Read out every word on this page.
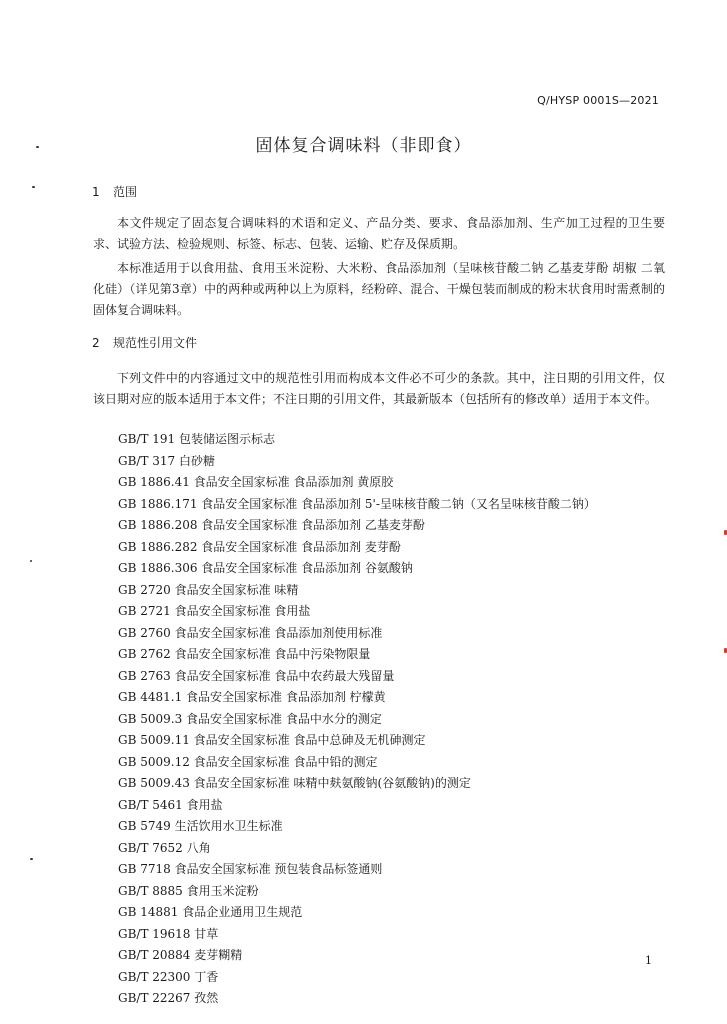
Q/HYSP 0001S—2021
固体复合调味料（非即食）
1 范围
本文件规定了固态复合调味料的术语和定义、产品分类、要求、食品添加剂、生产加工过程的卫生要求、试验方法、检验规则、标签、标志、包装、运输、贮存及保质期。
本标准适用于以食用盐、食用玉米淀粉、大米粉、食品添加剂（呈味核苷酸二钠 乙基麦芽酚 胡椒 二氧化硅）（详见第3章）中的两种或两种以上为原料，经粉碎、混合、干燥包装而制成的粉末状食用时需煮制的固体复合调味料。
2 规范性引用文件
下列文件中的内容通过文中的规范性引用而构成本文件必不可少的条款。其中，注日期的引用文件，仅该日期对应的版本适用于本文件；不注日期的引用文件，其最新版本（包括所有的修改单）适用于本文件。
GB/T 191 包装储运图示标志
GB/T 317 白砂糖
GB 1886.41 食品安全国家标准 食品添加剂 黄原胶
GB 1886.171 食品安全国家标准 食品添加剂 5'-呈味核苷酸二钠（又名呈味核苷酸二钠）
GB 1886.208 食品安全国家标准 食品添加剂 乙基麦芽酚
GB 1886.282 食品安全国家标准 食品添加剂 麦芽酚
GB 1886.306 食品安全国家标准 食品添加剂 谷氨酸钠
GB 2720 食品安全国家标准 味精
GB 2721 食品安全国家标准 食用盐
GB 2760 食品安全国家标准 食品添加剂使用标准
GB 2762 食品安全国家标准 食品中污染物限量
GB 2763 食品安全国家标准 食品中农药最大残留量
GB 4481.1 食品安全国家标准 食品添加剂 柠檬黄
GB 5009.3 食品安全国家标准 食品中水分的测定
GB 5009.11 食品安全国家标准 食品中总砷及无机砷测定
GB 5009.12 食品安全国家标准 食品中铅的测定
GB 5009.43 食品安全国家标准 味精中麸氨酸钠(谷氨酸钠)的测定
GB/T 5461 食用盐
GB 5749 生活饮用水卫生标准
GB/T 7652 八角
GB 7718 食品安全国家标准 预包装食品标签通则
GB/T 8885 食用玉米淀粉
GB 14881 食品企业通用卫生规范
GB/T 19618 甘草
GB/T 20884 麦芽糊精
GB/T 22300 丁香
GB/T 22267 孜然
1
